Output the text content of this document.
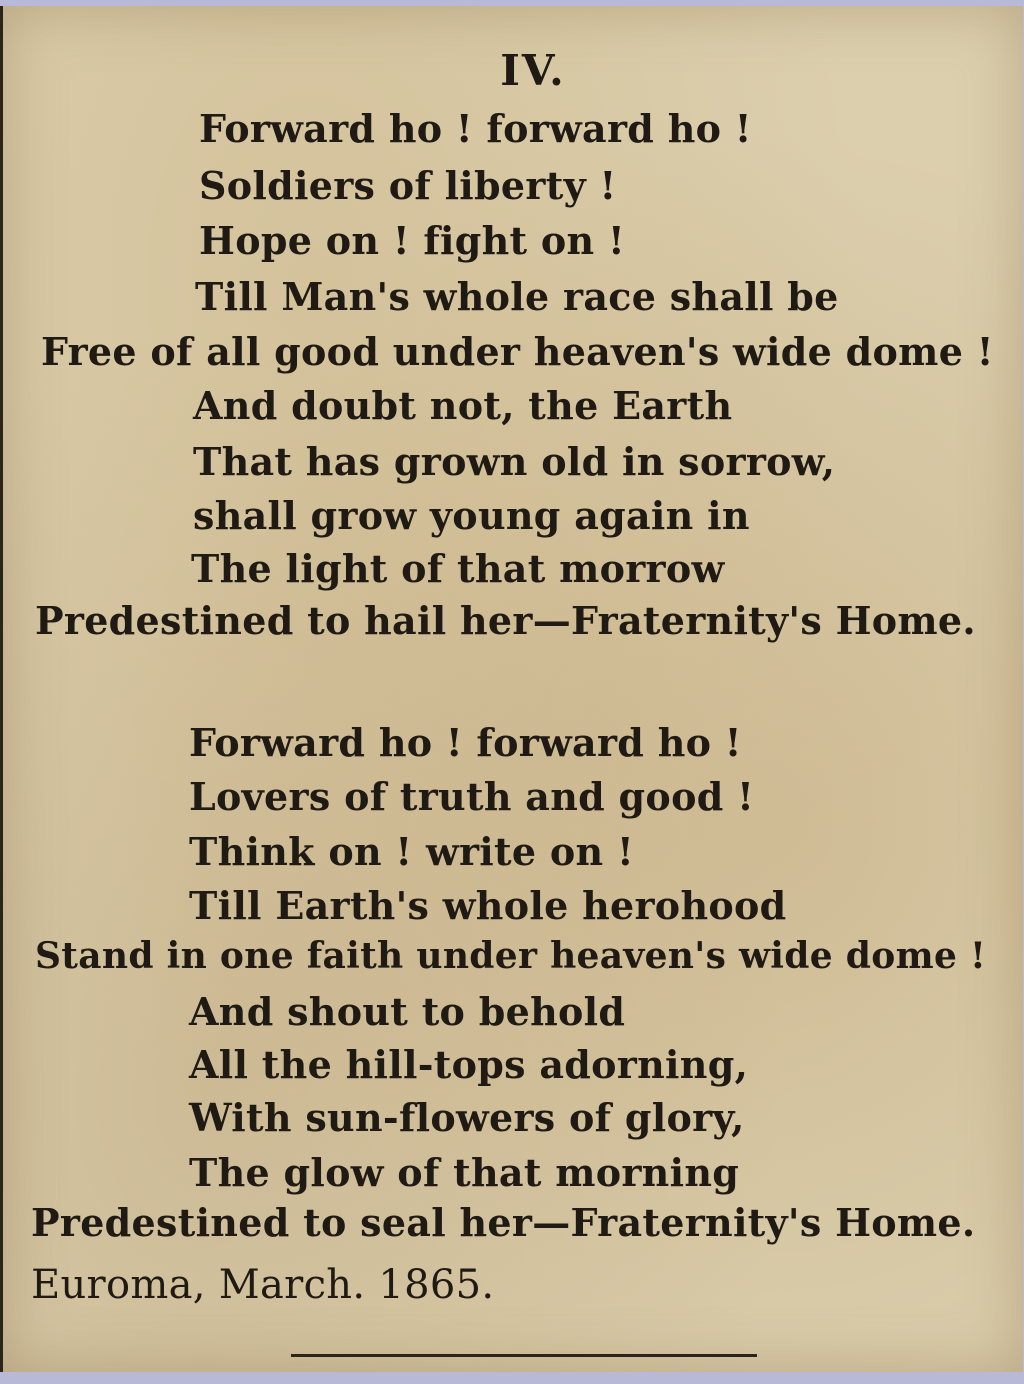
IV.
Forward ho ! forward ho !
Soldiers of liberty !
Hope on ! fight on !
Till Man's whole race shall be
Free of all good under heaven's wide dome !
And doubt not, the Earth
That has grown old in sorrow,
shall grow young again in
The light of that morrow
Predestined to hail her—Fraternity's Home.
Forward ho ! forward ho !
Lovers of truth and good !
Think on ! write on !
Till Earth's whole herohood
Stand in one faith under heaven's wide dome !
And shout to behold
All the hill-tops adorning,
With sun-flowers of glory,
The glow of that morning
Predestined to seal her—Fraternity's Home.
Euroma, March. 1865.
